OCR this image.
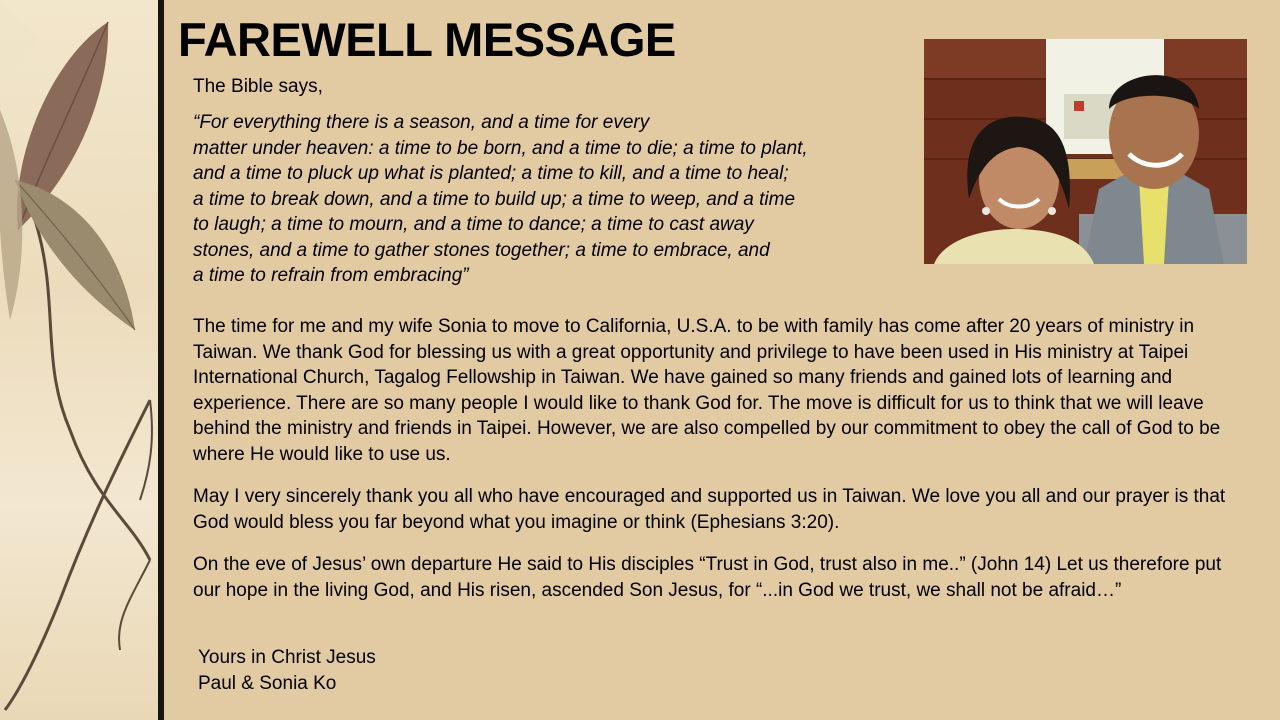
FAREWELL MESSAGE

The Bible says,

“For everything there is a season, and a time for every
matter under heaven: a time to be born, and a time to die; a time to plant,
and a time to pluck up what is planted; a time to kill, and a time to heal;
a time to break down, and a time to build up; a time to weep, and a time
to laugh; a time to mourn, and a time to dance; a time to cast away
stones, and a time to gather stones together; a time to embrace, and
a time to refrain from embracing”

The time for me and my wife Sonia to move to California, U.S.A. to be with family has come after 20 years of ministry in Taiwan. We thank God for blessing us with a great opportunity and privilege to have been used in His ministry at Taipei International Church, Tagalog Fellowship in Taiwan. We have gained so many friends and gained lots of learning and experience. There are so many people I would like to thank God for. The move is difficult for us to think that we will leave behind the ministry and friends in Taipei. However, we are also compelled by our commitment to obey the call of God to be where He would like to use us.

May I very sincerely thank you all who have encouraged and supported us in Taiwan. We love you all and our prayer is that God would bless you far beyond what you imagine or think (Ephesians 3:20).

On the eve of Jesus’ own departure He said to His disciples “Trust in God, trust also in me..” (John 14) Let us therefore put our hope in the living God, and His risen, ascended Son Jesus, for “...in God we trust, we shall not be afraid…”

Yours in Christ Jesus
Paul & Sonia Ko
